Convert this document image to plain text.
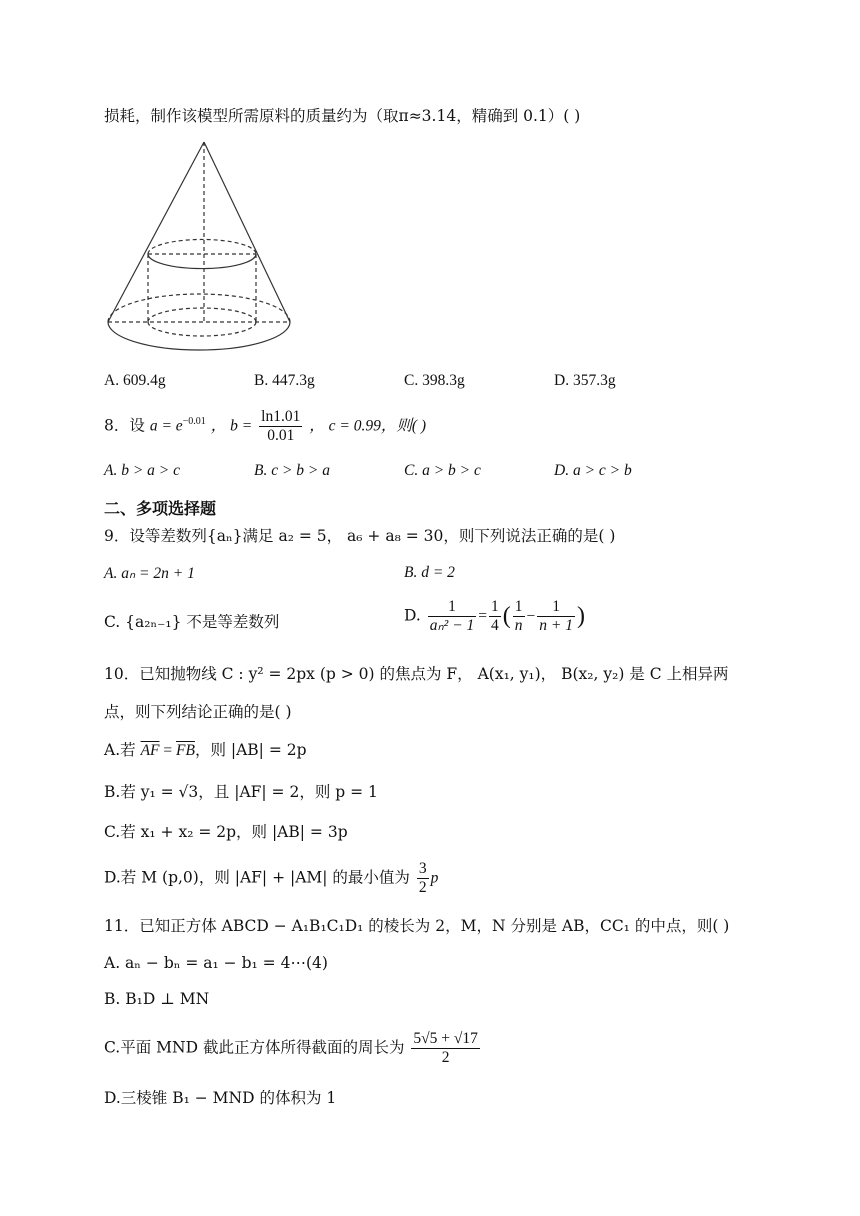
损耗，制作该模型所需原料的质量约为（取π≈3.14，精确到 0.1）( )
A. 609.4g	B. 447.3g	C. 398.3g	D. 357.3g
8．设 $a = e^{-0.01}$ ， $b = \frac{\ln 1.01}{0.01}$ ， c = 0.99，则( )
A. b > a > c	B. c > b > a	C. a > b > c	D. a > c > b
二、多项选择题
9．设等差数列{aₙ}满足 a₂ = 5， a₆ + a₈ = 30，则下列说法正确的是( )
A. aₙ = 2n + 1	B. d = 2
C. {a₂ₙ₋₁} 不是等差数列	D. $\frac{1}{\text{aₙ² − 1}} = \frac{1}{4}$ ( $\frac{1}{n} - \frac{1}{n + 1}$ )
10．已知抛物线 C : y² = 2px (p > 0) 的焦点为 F， A(x₁, y₁)， B(x₂, y₂) 是 C 上相异两
点，则下列结论正确的是( )
A.若 $\overline{AF} = \overline{FB}$，则 |AB| = 2p
B.若 y₁ = √3，且 |AF| = 2，则 p = 1
C.若 x₁ + x₂ = 2p，则 |AB| = 3p
D.若 M (p,0)，则 |AF| + |AM| 的最小值为 $\frac{3}{2}$ p
11．已知正方体 ABCD − A₁B₁C₁D₁ 的棱长为 2，M，N 分别是 AB，CC₁ 的中点，则( )
A. aₙ − bₙ = a₁ − b₁ = 4⋯(4)
B. B₁D ⊥ MN
C.平面 MND 截此正方体所得截面的周长为 $\frac{5√5 + √17}{2}$
D.三棱锥 B₁ − MND 的体积为 1
